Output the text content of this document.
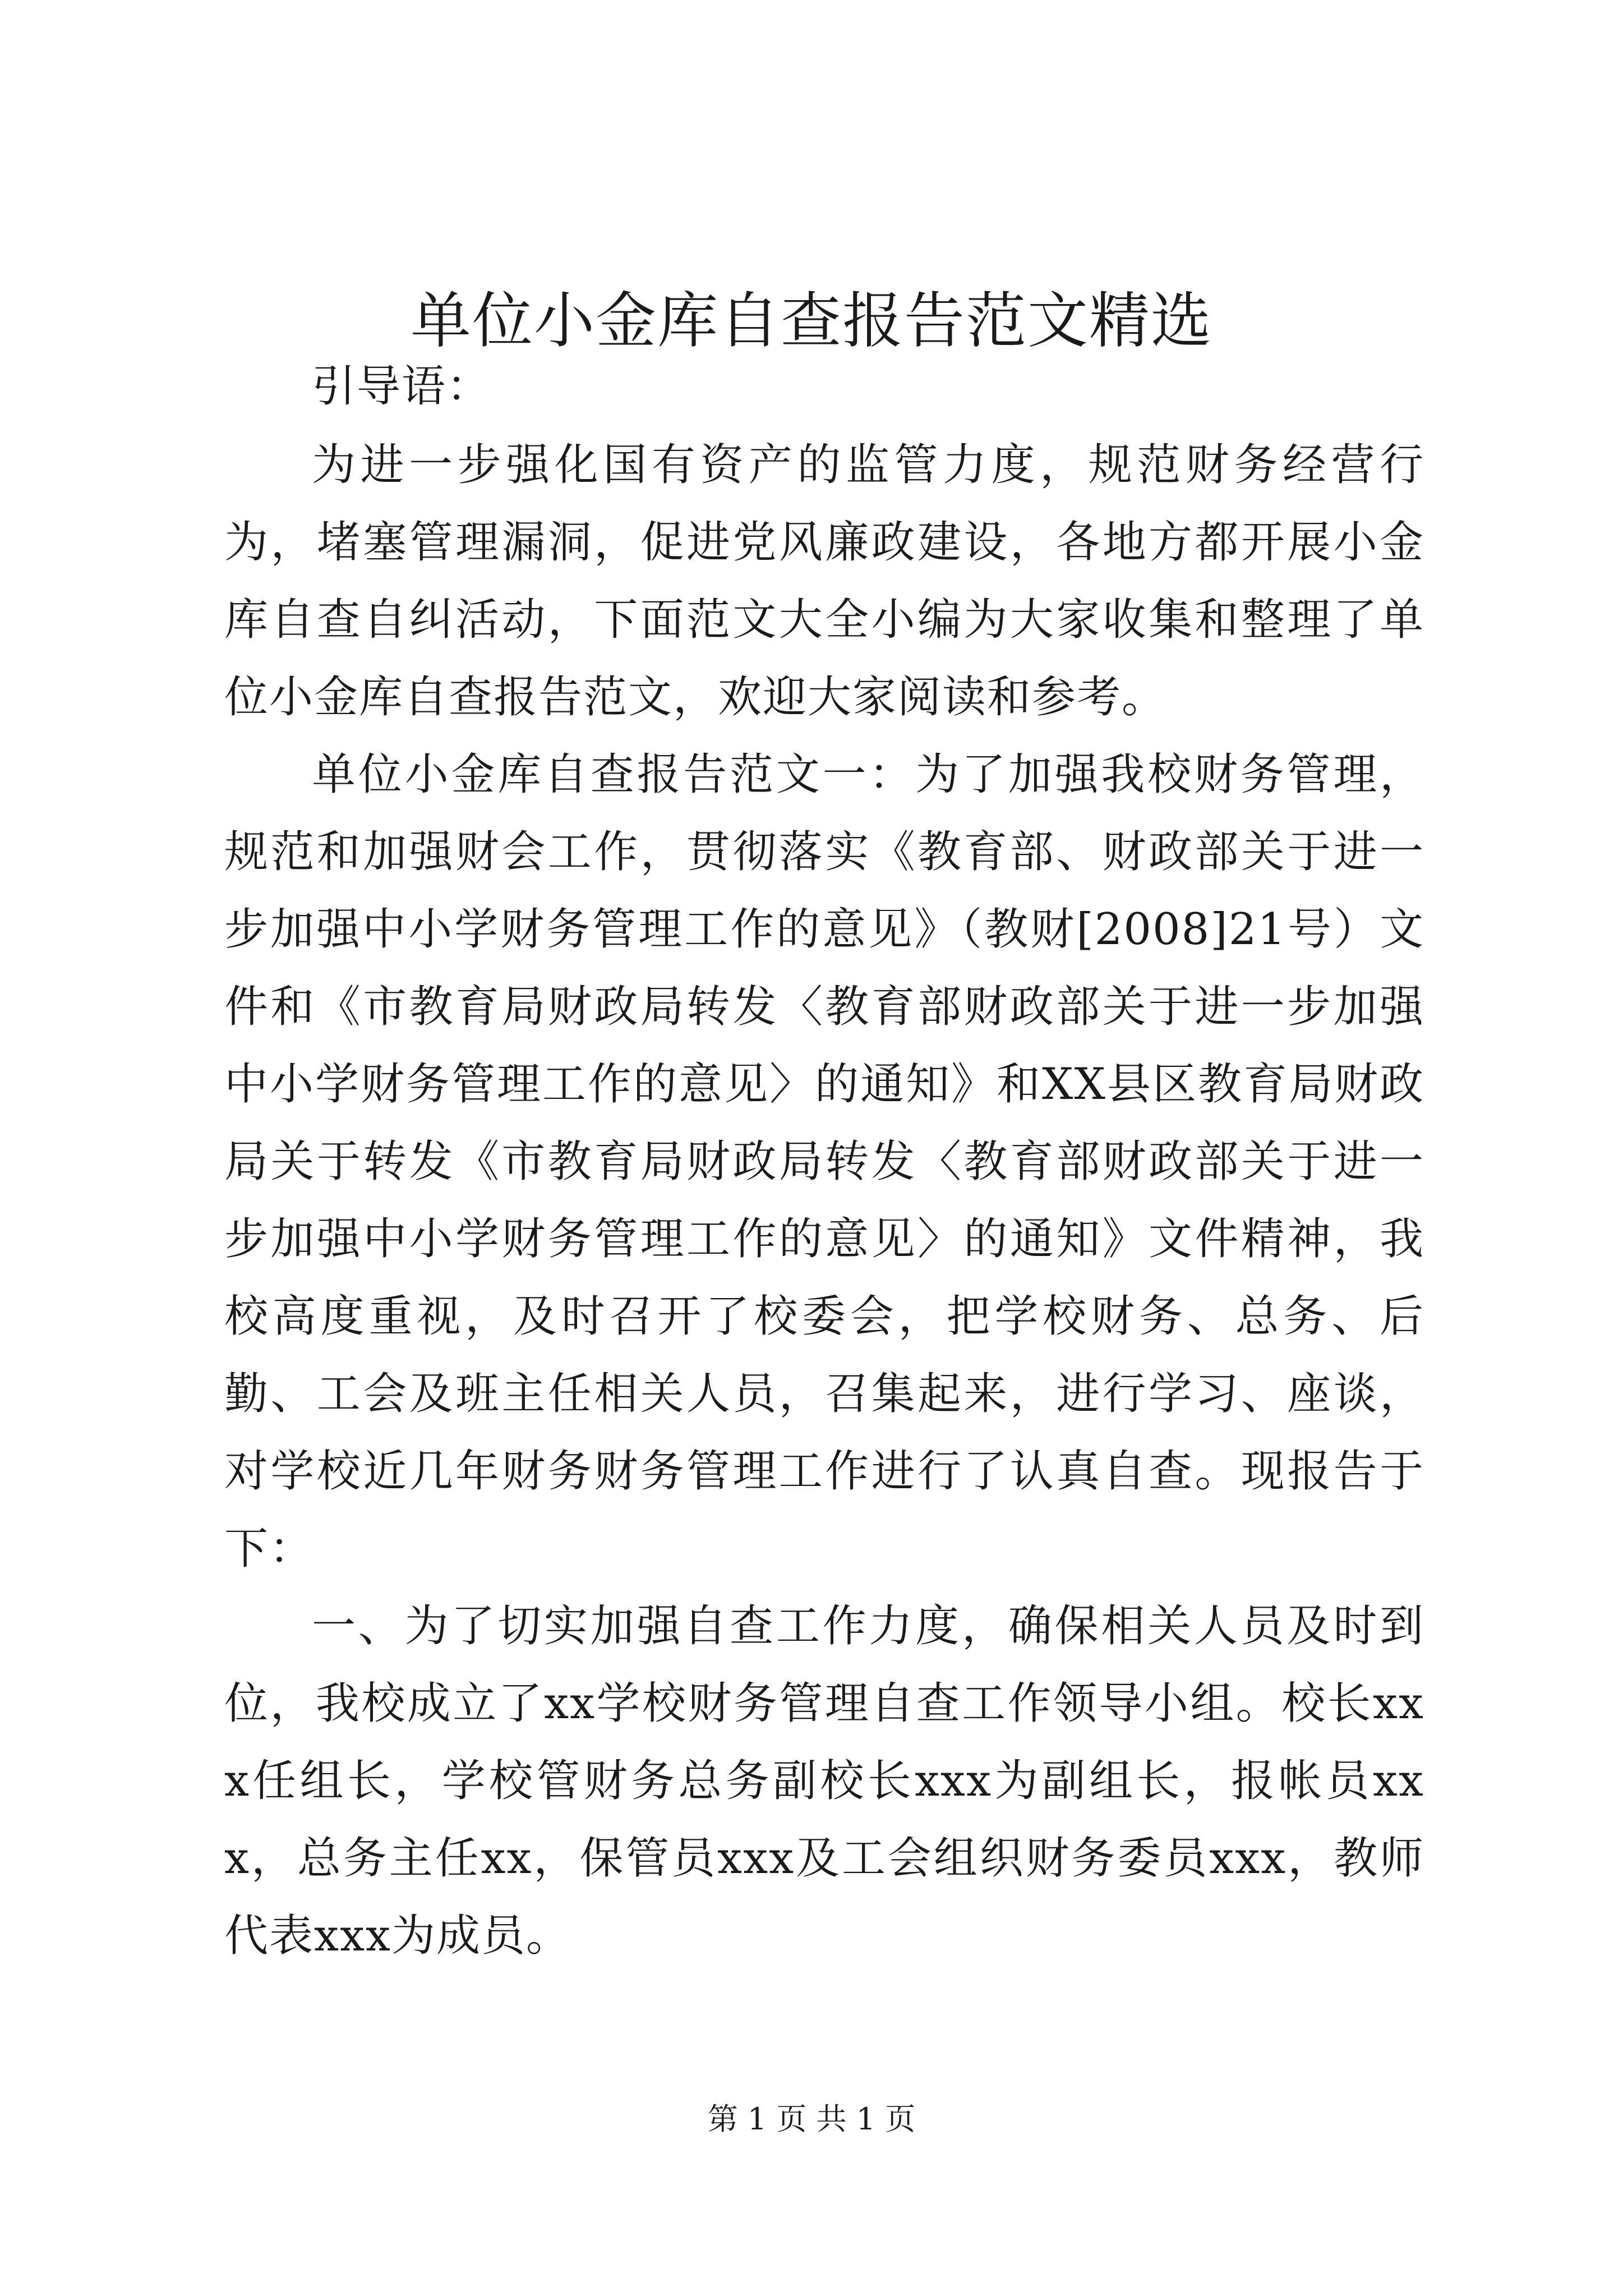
单位小金库自查报告范文精选

引导语：

为进一步强化国有资产的监管力度，规范财务经营行为，堵塞管理漏洞，促进党风廉政建设，各地方都开展小金库自查自纠活动，下面范文大全小编为大家收集和整理了单位小金库自查报告范文，欢迎大家阅读和参考。

单位小金库自查报告范文一：为了加强我校财务管理，规范和加强财会工作，贯彻落实《教育部、财政部关于进一步加强中小学财务管理工作的意见》（教财[2008]21号）文件和《市教育局财政局转发〈教育部财政部关于进一步加强中小学财务管理工作的意见〉的通知》和XX县区教育局财政局关于转发《市教育局财政局转发〈教育部财政部关于进一步加强中小学财务管理工作的意见〉的通知》文件精神，我校高度重视，及时召开了校委会，把学校财务、总务、后勤、工会及班主任相关人员，召集起来，进行学习、座谈，对学校近几年财务财务管理工作进行了认真自查。现报告于下：

一、为了切实加强自查工作力度，确保相关人员及时到位，我校成立了xx学校财务管理自查工作领导小组。校长xxx任组长，学校管财务总务副校长xxx为副组长，报帐员xxx，总务主任xx，保管员xxx及工会组织财务委员xxx，教师代表xxx为成员。

第 1 页 共 1 页
